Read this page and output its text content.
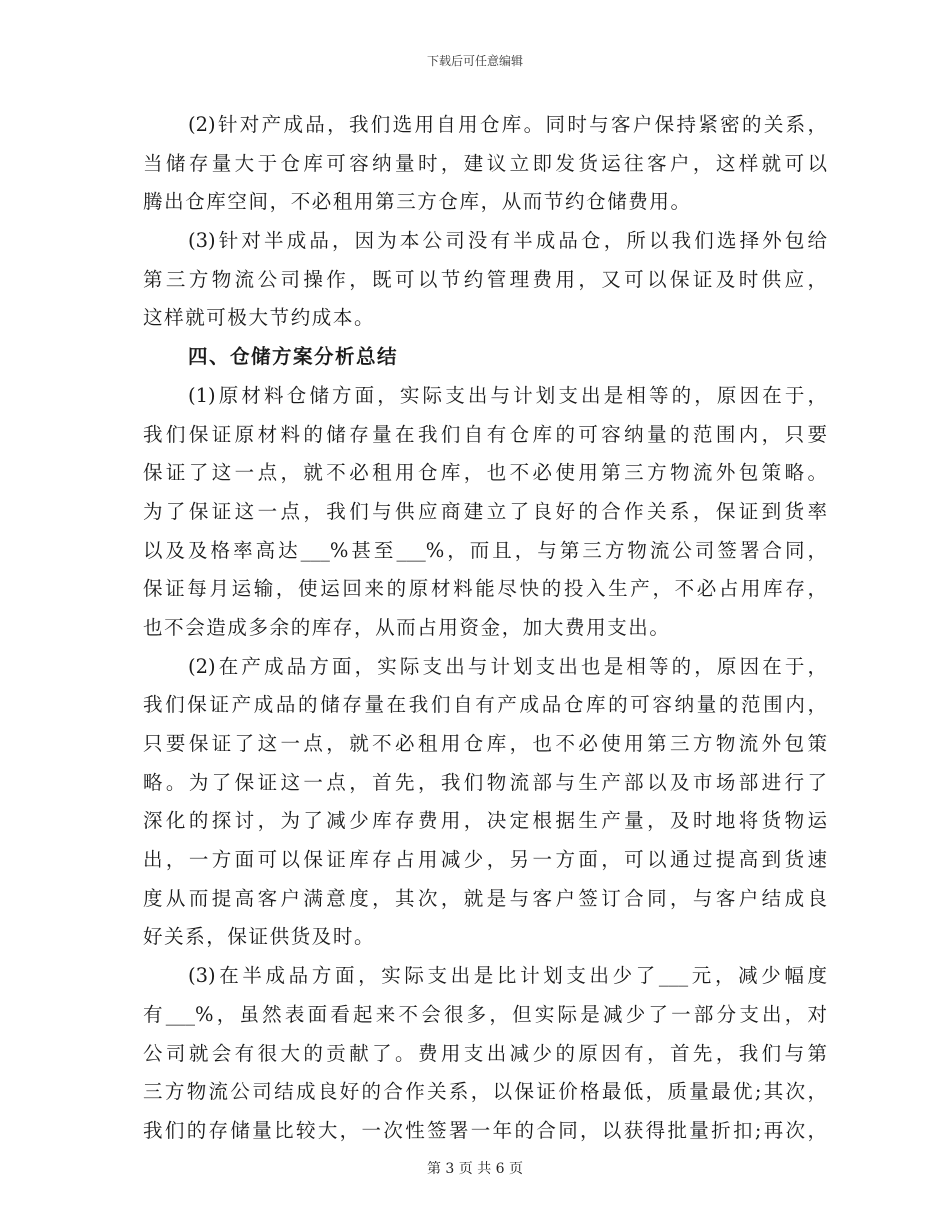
下载后可任意编辑
(2)针对产成品，我们选用自用仓库。同时与客户保持紧密的关系，
当储存量大于仓库可容纳量时，建议立即发货运往客户，这样就可以
腾出仓库空间，不必租用第三方仓库，从而节约仓储费用。
(3)针对半成品，因为本公司没有半成品仓，所以我们选择外包给
第三方物流公司操作，既可以节约管理费用，又可以保证及时供应，
这样就可极大节约成本。
四、仓储方案分析总结
(1)原材料仓储方面，实际支出与计划支出是相等的，原因在于，
我们保证原材料的储存量在我们自有仓库的可容纳量的范围内，只要
保证了这一点，就不必租用仓库，也不必使用第三方物流外包策略。
为了保证这一点，我们与供应商建立了良好的合作关系，保证到货率
以及及格率高达___%甚至___%，而且，与第三方物流公司签署合同，
保证每月运输，使运回来的原材料能尽快的投入生产，不必占用库存，
也不会造成多余的库存，从而占用资金，加大费用支出。
(2)在产成品方面，实际支出与计划支出也是相等的，原因在于，
我们保证产成品的储存量在我们自有产成品仓库的可容纳量的范围内，
只要保证了这一点，就不必租用仓库，也不必使用第三方物流外包策
略。为了保证这一点，首先，我们物流部与生产部以及市场部进行了
深化的探讨，为了减少库存费用，决定根据生产量，及时地将货物运
出，一方面可以保证库存占用减少，另一方面，可以通过提高到货速
度从而提高客户满意度，其次，就是与客户签订合同，与客户结成良
好关系，保证供货及时。
(3)在半成品方面，实际支出是比计划支出少了___元，减少幅度
有___%，虽然表面看起来不会很多，但实际是减少了一部分支出，对
公司就会有很大的贡献了。费用支出减少的原因有，首先，我们与第
三方物流公司结成良好的合作关系，以保证价格最低，质量最优;其次，
我们的存储量比较大，一次性签署一年的合同，以获得批量折扣;再次，
第 3 页 共 6 页
